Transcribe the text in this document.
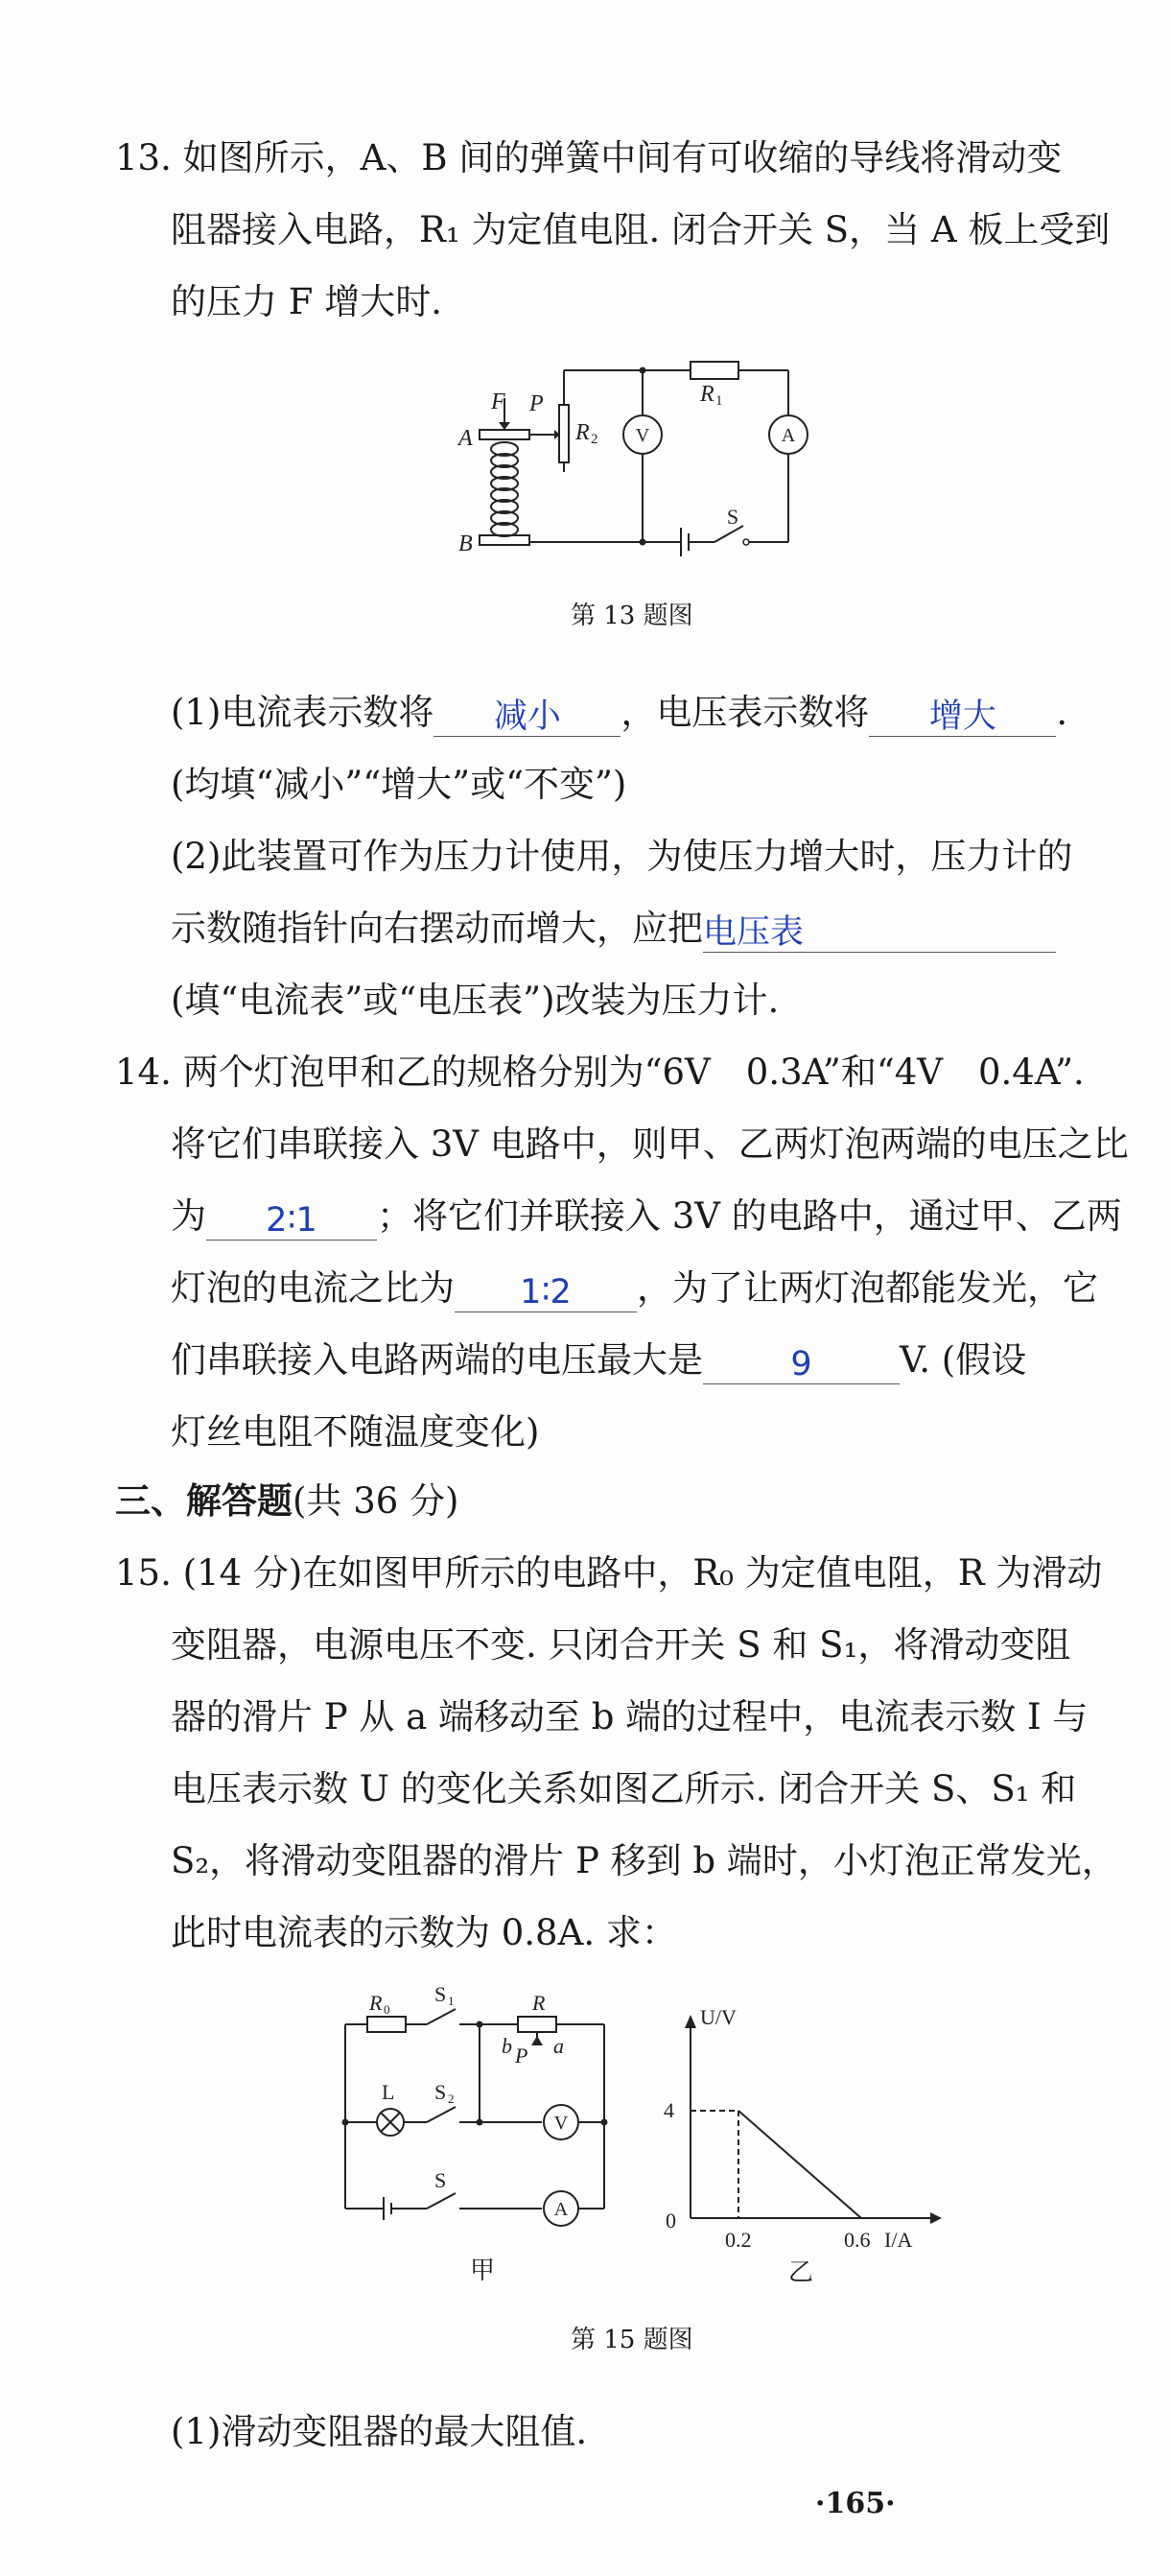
13. 如图所示，A、B 间的弹簧中间有可收缩的导线将滑动变
阻器接入电路，R₁ 为定值电阻. 闭合开关 S，当 A 板上受到
的压力 F 增大时.
F P
A
B
R
R
1
2 V	A
S
第 13 题图
(1)电流表示数将 减小 ，电压表示数将 增大 .
(均填“减小”“增大”或“不变”)
(2)此装置可作为压力计使用，为使压力增大时，压力计的
示数随指针向右摆动而增大，应把电压表
(填“电流表”或“电压表”)改装为压力计.
14. 两个灯泡甲和乙的规格分别为“6V　0.3A”和“4V　0.4A”.
将它们串联接入 3V 电路中，则甲、乙两灯泡两端的电压之比
为 2∶1 ；将它们并联接入 3V 的电路中，通过甲、乙两
灯泡的电流之比为 1∶2 ，为了让两灯泡都能发光，它
们串联接入电路两端的电压最大是	9 V. (假设
灯丝电阻不随温度变化)
三、解答题(共 36 分)
15. (14 分)在如图甲所示的电路中，R₀ 为定值电阻，R 为滑动
变阻器，电源电压不变. 只闭合开关 S 和 S₁，将滑动变阻
器的滑片 P 从 a 端移动至 b 端的过程中，电流表示数 I 与
电压表示数 U 的变化关系如图乙所示. 闭合开关 S、S₁ 和
S₂，将滑动变阻器的滑片 P 移到 b 端时，小灯泡正常发光，
此时电流表的示数为 0.8A. 求：
R	R
b P a
0
1
2
S
L S
S
V
A
甲
U/V
4
0
0.2	0.6 I/A
乙
第 15 题图
(1)滑动变阻器的最大阻值.
·165·
